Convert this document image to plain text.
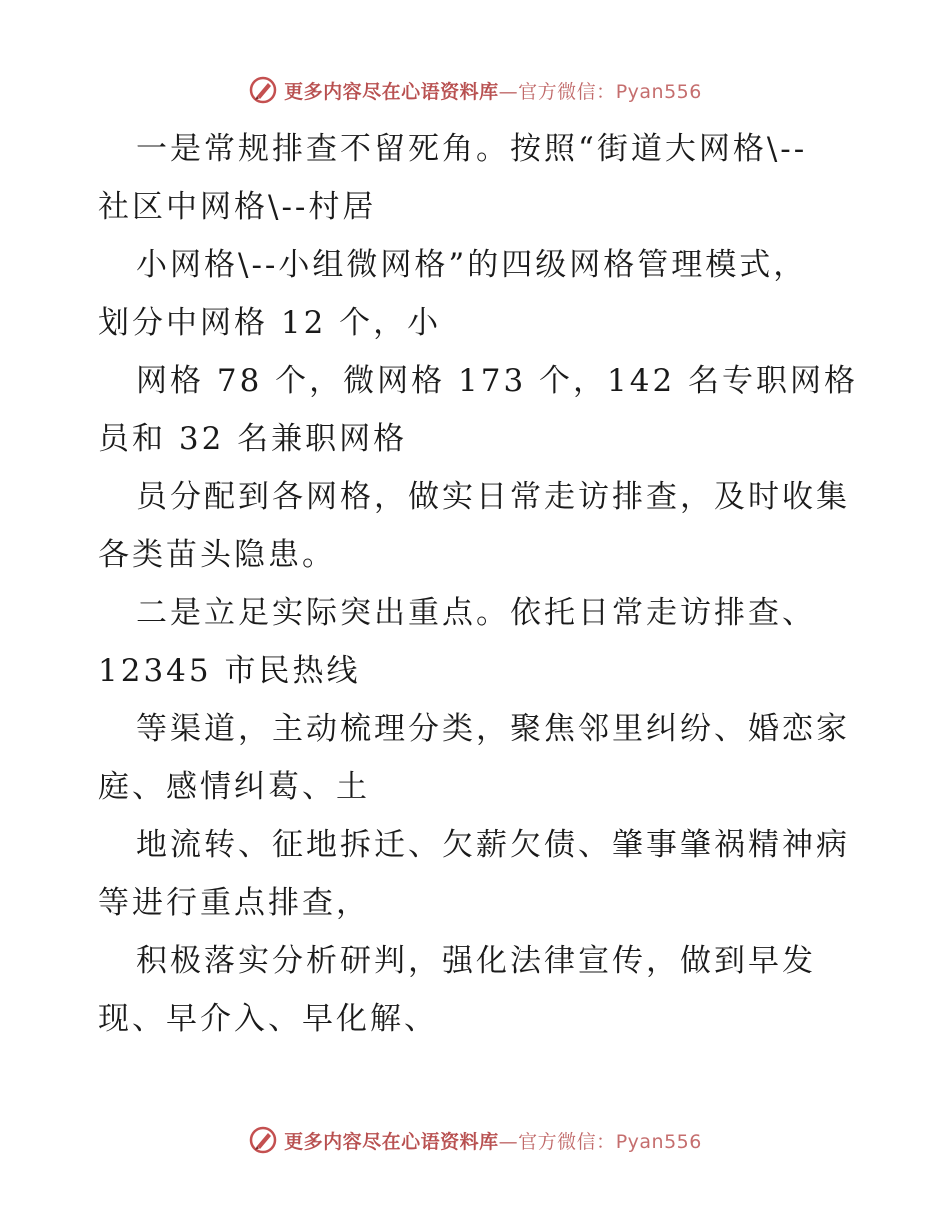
更多内容尽在心语资料库—官方微信：Pyan556
一是常规排查不留死角。按照“街道大网格\--
社区中网格\--村居
小网格\--小组微网格”的四级网格管理模式，
划分中网格 12 个，小
网格 78 个，微网格 173 个，142 名专职网格
员和 32 名兼职网格
员分配到各网格，做实日常走访排查，及时收集
各类苗头隐患。
二是立足实际突出重点。依托日常走访排查、
12345 市民热线
等渠道，主动梳理分类，聚焦邻里纠纷、婚恋家
庭、感情纠葛、土
地流转、征地拆迁、欠薪欠债、肇事肇祸精神病
等进行重点排查，
积极落实分析研判，强化法律宣传，做到早发
现、早介入、早化解、
更多内容尽在心语资料库—官方微信：Pyan556
